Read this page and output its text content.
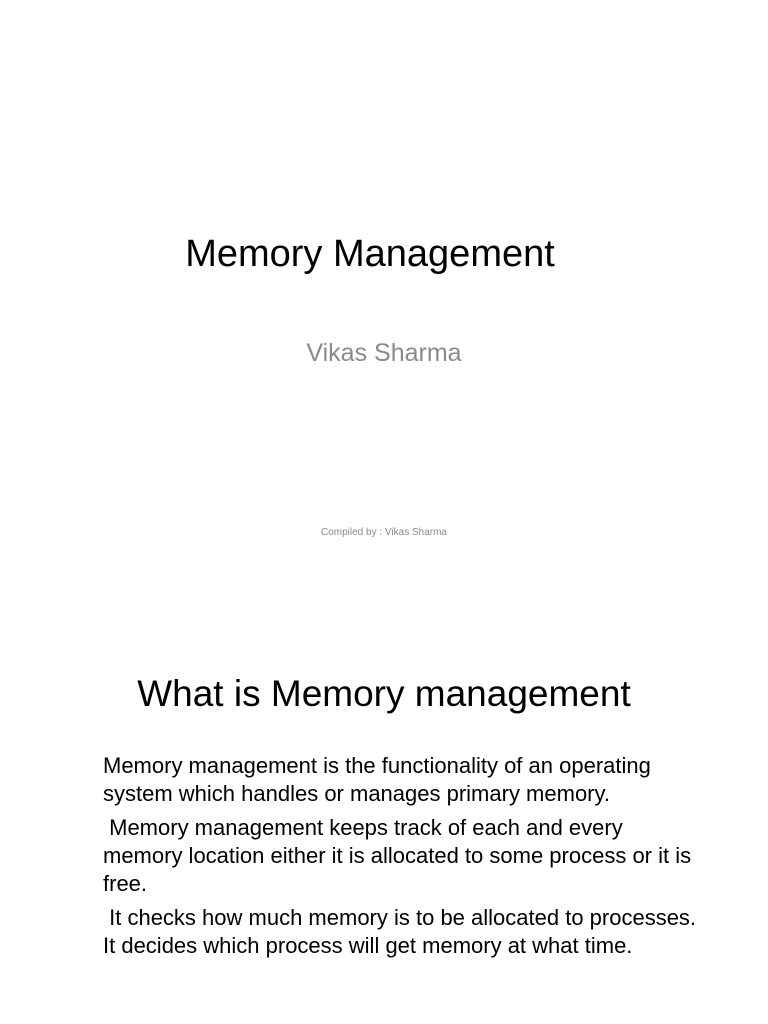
Memory Management

Vikas Sharma

Compiled by : Vikas Sharma

What is Memory management

Memory management is the functionality of an operating system which handles or manages primary memory.

Memory management keeps track of each and every memory location either it is allocated to some process or it is free.

It checks how much memory is to be allocated to processes. It decides which process will get memory at what time.
